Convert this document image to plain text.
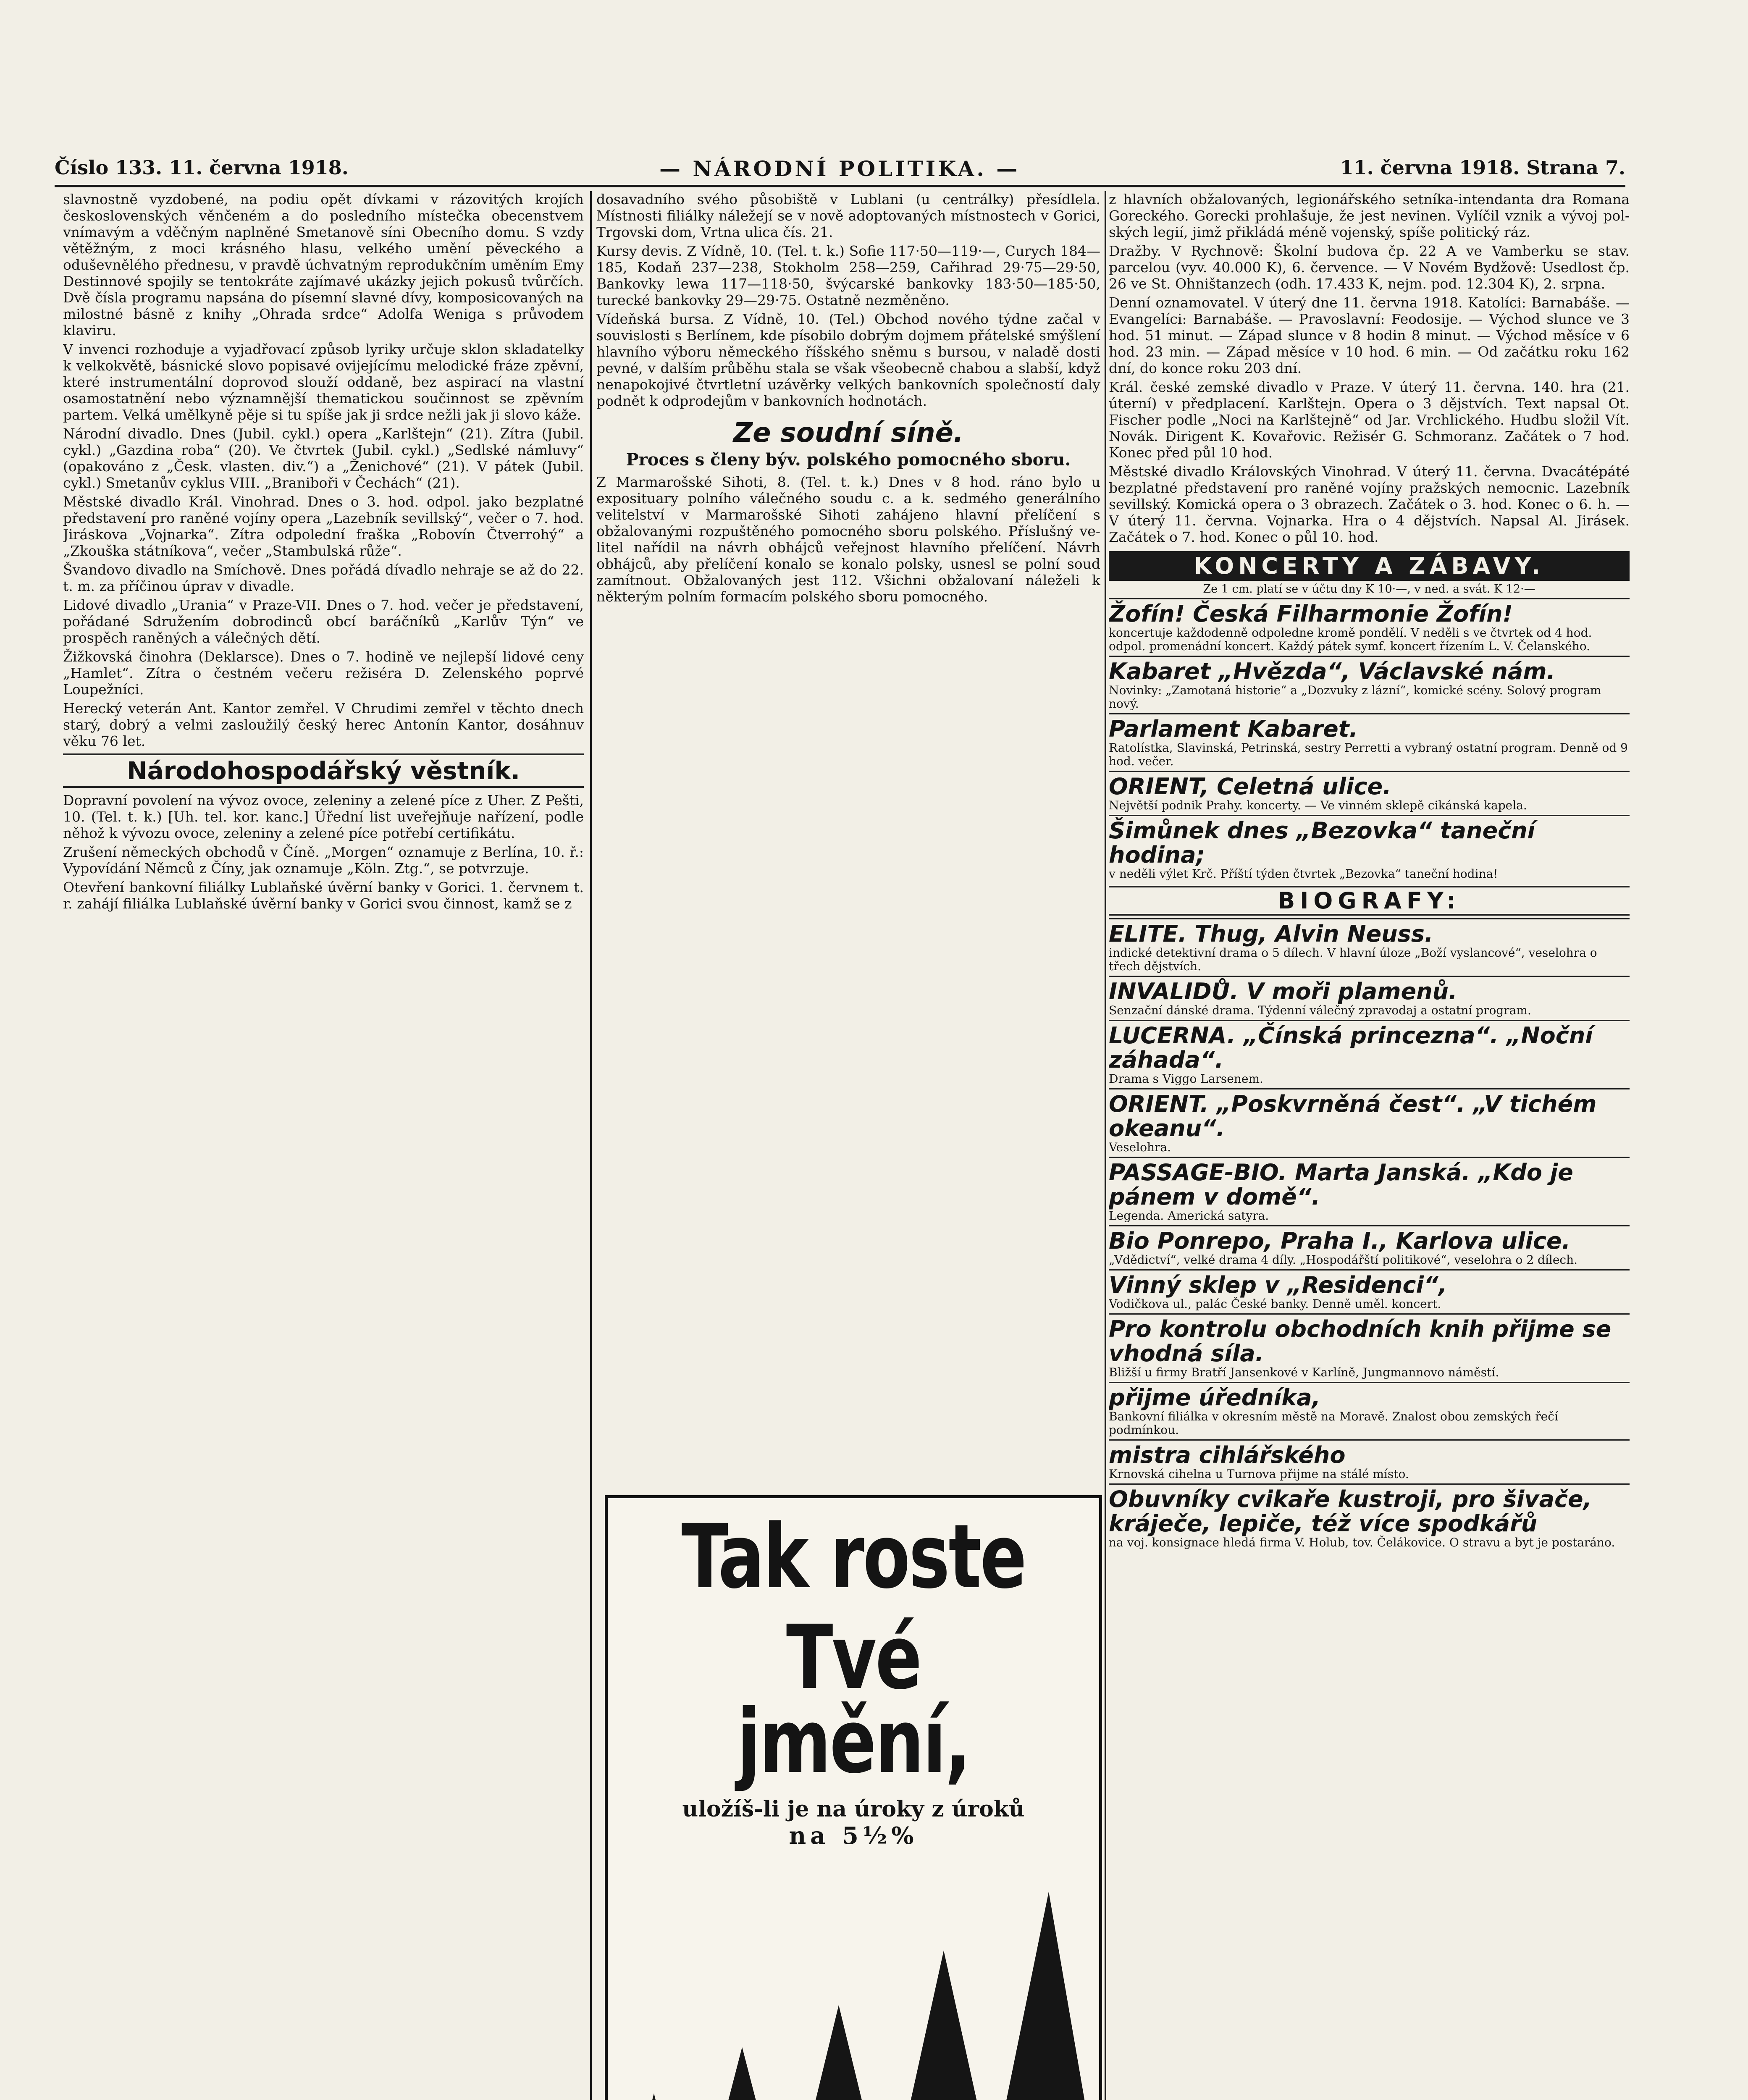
Číslo 133. 11. června 1918.	— NÁRODNÍ POLITIKA. —	11. června 1918. Strana 7.

slavnostně vyzdobené, na podiu opět dívkami v rázovitých krojích československých věnčeném a do posledního místečka obecenstvem vnímavým a vděčným naplněné Smetanově síni Obecního domu. S vzdy větěžným, z moci krásného hlasu, velkého umění pěveckého a oduševnělého přednesu, v pravdě úchvatným reprodukčním uměním Emy Destinnové spojily se tentokráte zajímavé ukázky jejich pokusů tvůrčích. Dvě čísla programu napsána do písemní slavné dívy, komposicovaných na milostné básně z knihy „Ohrada srdce“ Adolfa Weniga s průvodem klaviru.

V invenci rozhoduje a vyjadřovací způsob lyriky určuje sklon skladatelky k velkokvětě, básnické slovo popisavé ovijejícímu melodické fráze zpěvní, které instrumentální doprovod slouží oddaně, bez aspirací na vlastní osamostatnění nebo významnější thematickou součinnost se zpěvním partem. Velká umělkyně pěje si tu spíše jak ji srdce nežli jak ji slovo káže.

Národní divadlo. Dnes (Jubil. cykl.) opera „Karlštejn“ (21). Zítra (Jubil. cykl.) „Gazdina roba“ (20). Ve čtvrtek (Jubil. cykl.) „Sedlské námluvy“ (opakováno z „Česk. vlasten. div.“) a „Ženichové“ (21). V pátek (Jubil. cykl.) Smetanův cyklus VIII. „Braniboři v Čechách“ (21).

Městské divadlo Král. Vinohrad. Dnes o 3. hod. odpol. jako bezplatné představení pro raněné vojíny opera „Lazebník sevillský“, večer o 7. hod. Jiráskova „Vojnarka“. Zítra odpolední fraška „Robovín Čtverrohý“ a „Zkouška státníkova“, večer „Stambulská růže“.

Švandovo divadlo na Smíchově. Dnes pořádá dívadlo nehraje se až do 22. t. m. za příčinou úprav v divadle.

Lidové divadlo „Urania“ v Praze-VII. Dnes o 7. hod. večer je představení, pořádané Sdružením dobrodinců obcí baráčníků „Karlův Týn“ ve prospěch raněných a válečných dětí.

Žižkovská činohra (Deklarsce). Dnes o 7. hodině ve nejlepší lidové ceny „Hamlet“. Zítra o čestném večeru režiséra D. Zelenského poprvé Loupežníci.

Herecký veterán Ant. Kantor zemřel. V Chrudimi zemřel v těchto dnech starý, dobrý a velmi zasloužilý český herec Antonín Kantor, dosáhnuv věku 76 let.

Národohospodářský věstník.

Dopravní povolení na vývoz ovoce, zeleniny a zelené píce z Uher. Z Pešti, 10. (Tel. t. k.) [Uh. tel. kor. kanc.] Úřední list uveřejňuje nařízení, podle něhož k vývozu ovoce, zeleniny a zelené píce potřebí certifikátu.

Zrušení německých obchodů v Číně. „Morgen“ oznamuje z Berlína, 10. ř.: Vypovídání Němců z Číny, jak oznamuje „Köln. Ztg.“, se potvrzuje.

Otevření bankovní filiálky Lublaňské úvěrní banky v Gorici. 1. červnem t. r. zahájí filiálka Lublaňské úvěrní banky v Gorici svou činnost, kamž se z

dosavadního svého působiště v Lublani (u centrálky) přesídlela. Místnosti filiálky náležejí se v nově adoptovaných místnostech v Gorici, Trgovski dom, Vrtna ulica čís. 21.

Kursy devis. Z Vídně, 10. (Tel. t. k.) Sofie 117·50—119·—, Curych 184—185, Kodaň 237—238, Stokholm 258—259, Cařihrad 29·75—29·50, Bankovky lewa 117—118·50, švýcarské bankovky 183·50—185·50, turecké bankovky 29—29·75. Ostatně nezměněno.

Vídeňská bursa. Z Vídně, 10. (Tel.) Obchod nového týdne začal v souvislosti s Berlínem, kde písobilo dobrým dojmem přátelské smýšlení hlavního výboru německého říšského sněmu s bursou, v naladě dosti pevné, v dalším průběhu stala se však všeobecně chabou a slabší, když nenapokojivé čtvrtletní uzávěrky velkých bankovních společností daly podnět k odprodejům v bankovních hodnotách.

Ze soudní síně.
Proces s členy býv. polského pomocného sboru.

Z Marmarošské Sihoti, 8. (Tel. t. k.) Dnes v 8 hod. ráno bylo u exposituary polního válečného soudu c. a k. sedmého generálního velitelství v Marmarošské Sihoti zahájeno hlavní přelíčení s obžalovanými rozpuštěného pomocného sboru polského. Příslušný velitel nařídil na návrh obhájců veřejnost hlavního přelíčení. Návrh obhájců, aby přelíčení konalo se konalo polsky, usnesl se polní soud zamítnout. Obžalovaných jest 112. Všichni obžalovaní náleželi k některým polním formacím polského sboru pomocného.

Tak roste
Tvé jmění,
uložíš-li je na úroky z úroků
na 5½%

z hlavních obžalovaných, legionářského setníka-intendanta dra Romana Goreckého. Gorecki prohlašuje, že jest nevinen. Vylíčil vznik a vývoj polských legií, jimž přikládá méně vojenský, spíše politický ráz.

Dražby. V Rychnově: Školní budova čp. 22 A ve Vamberku se stav. parcelou (vyv. 40.000 K), 6. července. — V Novém Bydžově: Usedlost čp. 26 ve St. Ohništanzech (odh. 17.433 K, nejm. pod. 12.304 K), 2. srpna.

Denní oznamovatel. V úterý dne 11. června 1918. Katolíci: Barnabáše. — Evangelíci: Barnabáše. — Pravoslavní: Feodosije. — Východ slunce ve 3 hod. 51 minut. — Západ slunce v 8 hodin 8 minut. — Východ měsíce v 6 hod. 23 min. — Západ měsíce v 10 hod. 6 min. — Od začátku roku 162 dní, do konce roku 203 dní.

Král. české zemské divadlo v Praze. V úterý 11. června. 140. hra (21. úterní) v předplacení. Karlštejn. Opera o 3 dějstvích. Text napsal Ot. Fischer podle „Noci na Karlštejně“ od Jar. Vrchlického. Hudbu složil Vít. Novák. Dirigent K. Kovařovic. Režisér G. Schmoranz. Začátek o 7 hod. Konec před půl 10 hod.

Městské divadlo Královských Vinohrad. V úterý 11. června. Dvacátépáté bezplatné představení pro raněné vojíny pražských nemocnic. Lazebník sevillský. Komická opera o 3 obrazech. Začátek o 3. hod. Konec o 6. h. — V úterý 11. června. Vojnarka. Hra o 4 dějstvích. Napsal Al. Jirásek. Začátek o 7. hod. Konec o půl 10. hod.

KONCERTY A ZÁBAVY.
Ze 1 cm. platí se v účtu dny K 10·—, v ned. a svát. K 12·—
Žofín! Česká Filharmonie Žofín!
koncertuje každodenně odpoledne kromě pondělí. V neděli s ve čtvrtek od 4 hod. odpol. promenádní koncert. Každý pátek symf. koncert řízením L. V. Čelanského.
Kabaret „Hvězda“, Václavské nám.
Novinky: „Zamotaná historie“ a „Dozvuky z lázní“, komické scény. Solový program nový.
Parlament Kabaret.
Ratolístka, Slavinská, Petrinská, sestry Perretti a vybraný ostatní program. Denně od 9 hod. večer.
ORIENT, Celetná ulice.
Největší podnik Prahy. koncerty. — Ve vinném sklepě cikánská kapela.
Šimůnek dnes „Bezovka“ taneční hodina;
v neděli výlet Krč. Příští týden čtvrtek „Bezovka“ taneční hodina!
BIOGRAFY:
ELITE. Thug, Alvin Neuss.
indické detektivní drama o 5 dílech. V hlavní úloze „Boží vyslancové“, veselohra o třech dějstvích.
INVALIDŮ. V moři plamenů.
Senzační dánské drama. Týdenní válečný zpravodaj a ostatní program.
LUCERNA. „Čínská princezna“. „Noční záhada“.
Drama s Viggo Larsenem.
ORIENT. „Poskvrněná čest“. „V tichém okeanu“.
Veselohra.
PASSAGE-BIO. Marta Janská. „Kdo je pánem v domě“.
Legenda. Americká satyra.
Bio Ponrepo, Praha I., Karlova ulice.
„Vdědictví“, velké drama 4 díly. „Hospodářští politikové“, veselohra o 2 dílech.
Vinný sklep v „Residenci“,
Vodičkova ul., palác České banky. Denně uměl. koncert.
Pro kontrolu obchodních knih přijme se vhodná síla.
Bližší u firmy Bratří Jansenkové v Karlíně, Jungmannovo náměstí.
přijme úředníka,
Bankovní filiálka v okresním městě na Moravě. Znalost obou zemských řečí podmínkou.
mistra cihlářského
Krnovská cihelna u Turnova přijme na stálé místo.
Obuvníky cvikaře kustroji, pro šivače, kráječe, lepiče, též více spodkářů
na voj. konsignace hledá firma V. Holub, tov. Čelákovice. O stravu a byt je postaráno.
